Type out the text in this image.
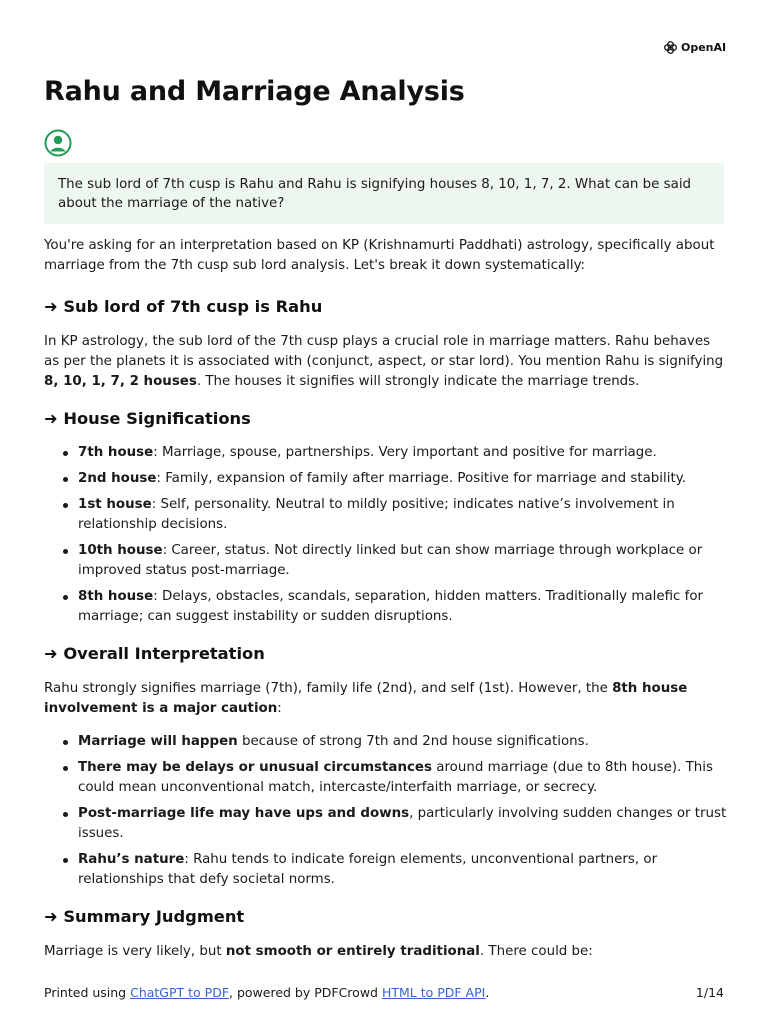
OpenAI
Rahu and Marriage Analysis
The sub lord of 7th cusp is Rahu and Rahu is signifying houses 8, 10, 1, 7, 2. What can be said about the marriage of the native?

You're asking for an interpretation based on KP (Krishnamurti Paddhati) astrology, specifically about marriage from the 7th cusp sub lord analysis. Let's break it down systematically:

➜ Sub lord of 7th cusp is Rahu

In KP astrology, the sub lord of the 7th cusp plays a crucial role in marriage matters. Rahu behaves as per the planets it is associated with (conjunct, aspect, or star lord). You mention Rahu is signifying 8, 10, 1, 7, 2 houses. The houses it signifies will strongly indicate the marriage trends.

➜ House Significations
7th house: Marriage, spouse, partnerships. Very important and positive for marriage.
2nd house: Family, expansion of family after marriage. Positive for marriage and stability.
1st house: Self, personality. Neutral to mildly positive; indicates native’s involvement in relationship decisions.
10th house: Career, status. Not directly linked but can show marriage through workplace or improved status post-marriage.
8th house: Delays, obstacles, scandals, separation, hidden matters. Traditionally malefic for marriage; can suggest instability or sudden disruptions.
➜ Overall Interpretation

Rahu strongly signifies marriage (7th), family life (2nd), and self (1st). However, the 8th house involvement is a major caution:

Marriage will happen because of strong 7th and 2nd house significations.
There may be delays or unusual circumstances around marriage (due to 8th house). This could mean unconventional match, intercaste/interfaith marriage, or secrecy.
Post-marriage life may have ups and downs, particularly involving sudden changes or trust issues.
Rahu’s nature: Rahu tends to indicate foreign elements, unconventional partners, or relationships that defy societal norms.
➜ Summary Judgment

Marriage is very likely, but not smooth or entirely traditional. There could be:

Printed using ChatGPT to PDF, powered by PDFCrowd HTML to PDF API.	1/14
